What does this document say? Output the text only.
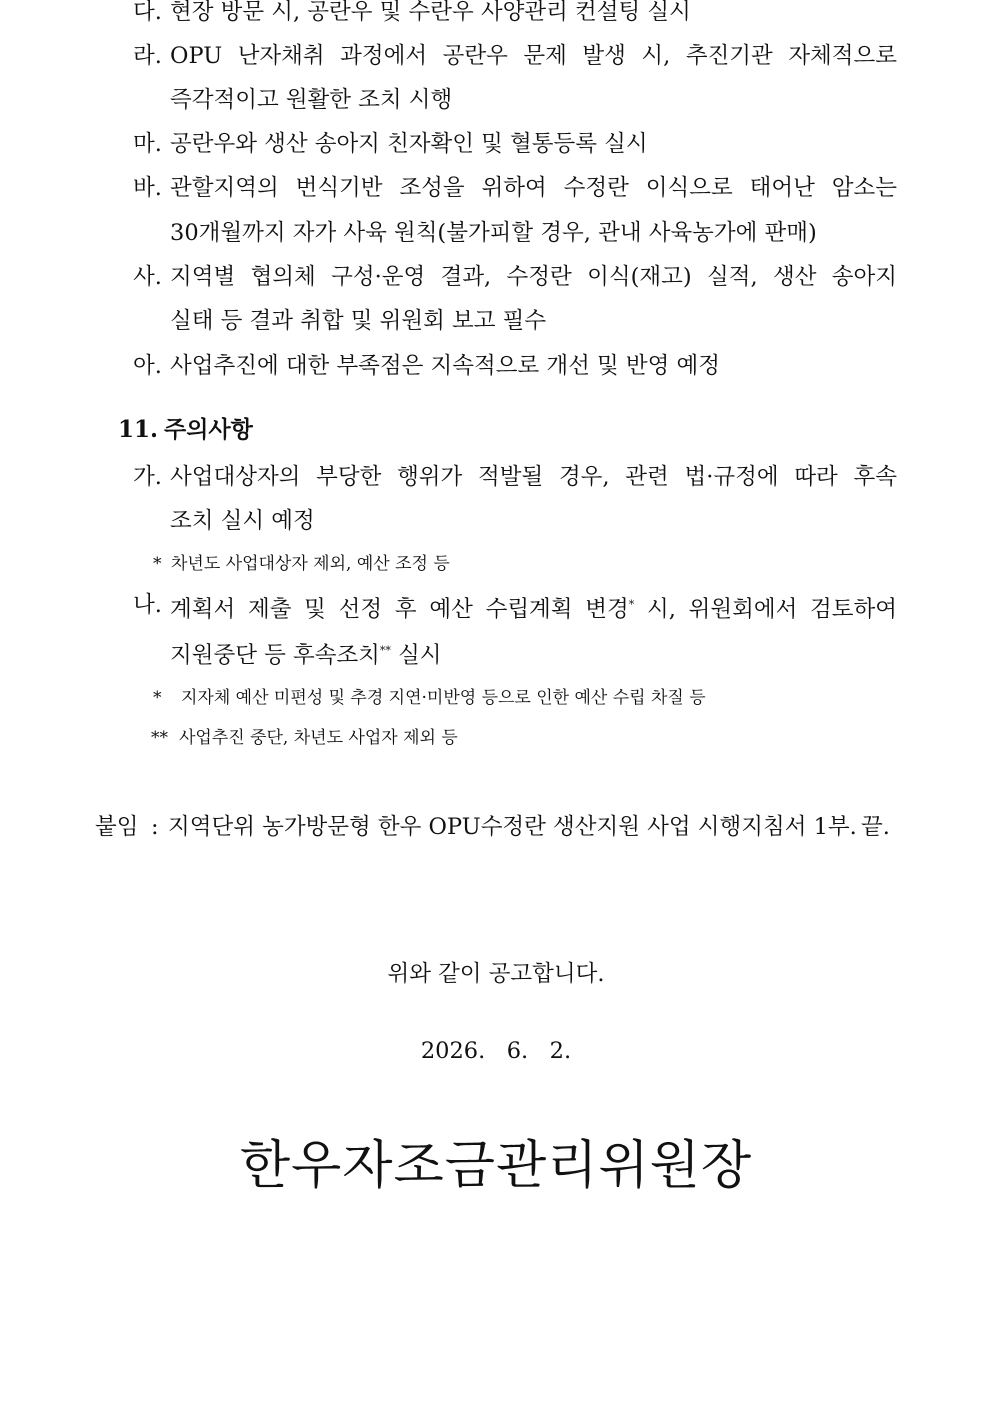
다. 현장 방문 시, 공란우 및 수란우 사양관리 컨설팅 실시
라. OPU 난자채취 과정에서 공란우 문제 발생 시, 추진기관 자체적으로
즉각적이고 원활한 조치 시행
마. 공란우와 생산 송아지 친자확인 및 혈통등록 실시
바. 관할지역의 번식기반 조성을 위하여 수정란 이식으로 태어난 암소는
30개월까지 자가 사육 원칙(불가피할 경우, 관내 사육농가에 판매)
사. 지역별 협의체 구성·운영 결과, 수정란 이식(재고) 실적, 생산 송아지
실태 등 결과 취합 및 위원회 보고 필수
아. 사업추진에 대한 부족점은 지속적으로 개선 및 반영 예정
11. 주의사항
가. 사업대상자의 부당한 행위가 적발될 경우, 관련 법·규정에 따라 후속
조치 실시 예정
* 차년도 사업대상자 제외, 예산 조정 등
나. 계획서 제출 및 선정 후 예산 수립계획 변경* 시, 위원회에서 검토하여
지원중단 등 후속조치** 실시
* 지자체 예산 미편성 및 추경 지연·미반영 등으로 인한 예산 수립 차질 등
** 사업추진 중단, 차년도 사업자 제외 등
붙임 : 지역단위 농가방문형 한우 OPU수정란 생산지원 사업 시행지침서 1부. 끝.
위와 같이 공고합니다.
2026.   6.   2.
한우자조금관리위원장
